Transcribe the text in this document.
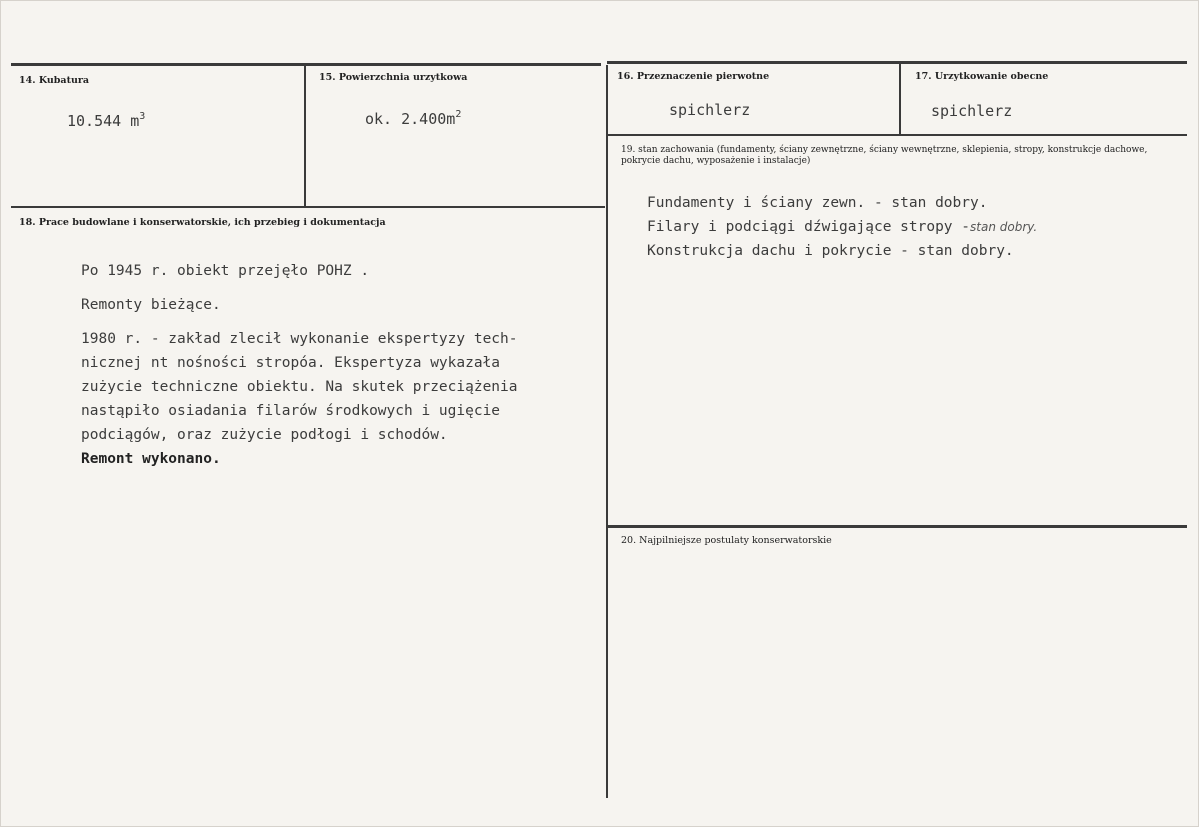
14. Kubatura
10.544 $m^3$
15. Powierzchnia urzytkowa
ok. $2.400m^2$
16. Przeznaczenie pierwotne
spichlerz
17. Urzytkowanie obecne
spichlerz
19. stan zachowania (fundamenty, ściany zewnętrzne, ściany wewnętrzne, sklepienia, stropy, konstrukcje dachowe, pokrycie dachu, wyposażenie i instalacje)

Fundamenty i ściany zewn. - stan dobry.

Filary i podciągi dźwigające stropy -stan dobry.

Konstrukcja dachu i pokrycie - stan dobry.

18. Prace budowlane i konserwatorskie, ich przebieg i dokumentacja

Po 1945 r. obiekt przejęło POHZ .

Remonty bieżące.

1980 r. - zakład zlecił wykonanie ekspertyzy tech-

nicznej nt nośności stropóa. Ekspertyza wykazała

zużycie techniczne obiektu. Na skutek przeciążenia

nastąpiło osiadania filarów środkowych i ugięcie

podciągów, oraz zużycie podłogi i schodów.

Remont wykonano.

20. Najpilniejsze postulaty konserwatorskie
